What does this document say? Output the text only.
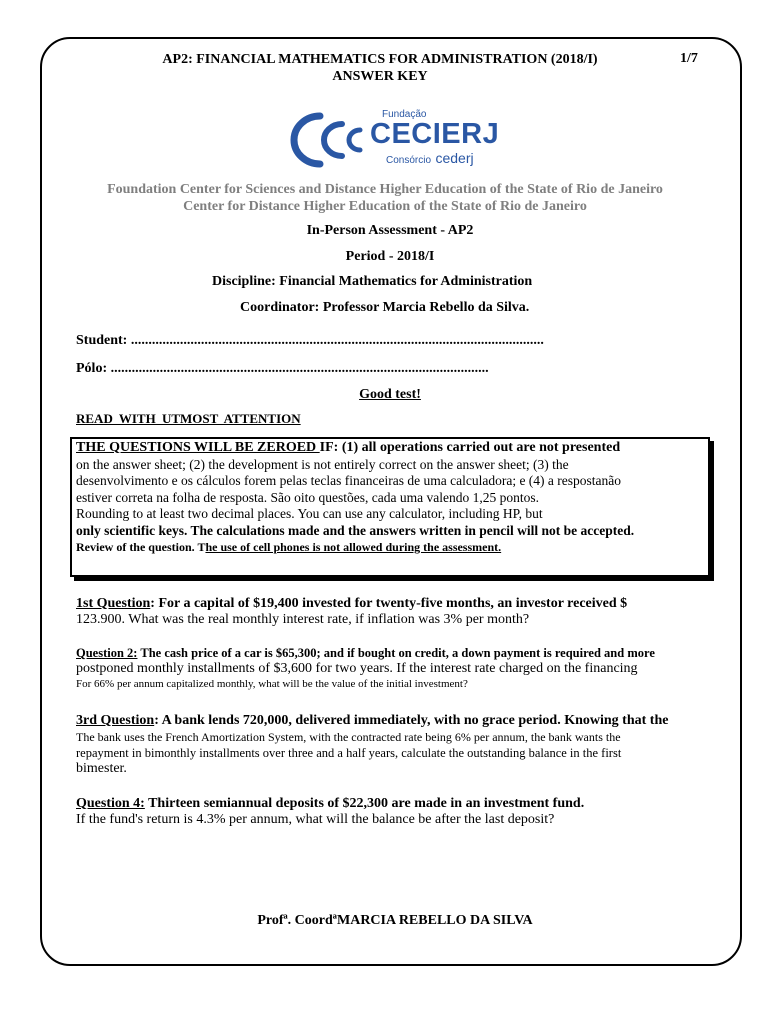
AP2: FINANCIAL MATHEMATICS FOR ADMINISTRATION (2018/I)
ANSWER KEY
1/7
Fundação
CECIERJ
Consórcio cederj
Foundation Center for Sciences and Distance Higher Education of the State of Rio de Janeiro
Center for Distance Higher Education of the State of Rio de Janeiro
In-Person Assessment - AP2
Period - 2018/I
Discipline: Financial Mathematics for Administration
Coordinator: Professor Marcia Rebello da Silva.
Student: ......................................................................................................................
Pólo: ............................................................................................................
Good test!
READ WITH UTMOST ATTENTION
THE QUESTIONS WILL BE ZEROED IF: (1) all operations carried out are not presented
on the answer sheet; (2) the development is not entirely correct on the answer sheet; (3) the
desenvolvimento e os cálculos forem pelas teclas financeiras de uma calculadora; e (4) a respostanão
estiver correta na folha de resposta. São oito questões, cada uma valendo 1,25 pontos.
Rounding to at least two decimal places. You can use any calculator, including HP, but
only scientific keys. The calculations made and the answers written in pencil will not be accepted.
Review of the question. The use of cell phones is not allowed during the assessment.
1st Question: For a capital of $19,400 invested for twenty-five months, an investor received $
123.900. What was the real monthly interest rate, if inflation was 3% per month?
Question 2: The cash price of a car is $65,300; and if bought on credit, a down payment is required and more
postponed monthly installments of $3,600 for two years. If the interest rate charged on the financing
For 66% per annum capitalized monthly, what will be the value of the initial investment?
3rd Question: A bank lends 720,000, delivered immediately, with no grace period. Knowing that the
The bank uses the French Amortization System, with the contracted rate being 6% per annum, the bank wants the
repayment in bimonthly installments over three and a half years, calculate the outstanding balance in the first
bimester.
Question 4: Thirteen semiannual deposits of $22,300 are made in an investment fund.
If the fund's return is 4.3% per annum, what will the balance be after the last deposit?
Profª. CoordªMARCIA REBELLO DA SILVA
